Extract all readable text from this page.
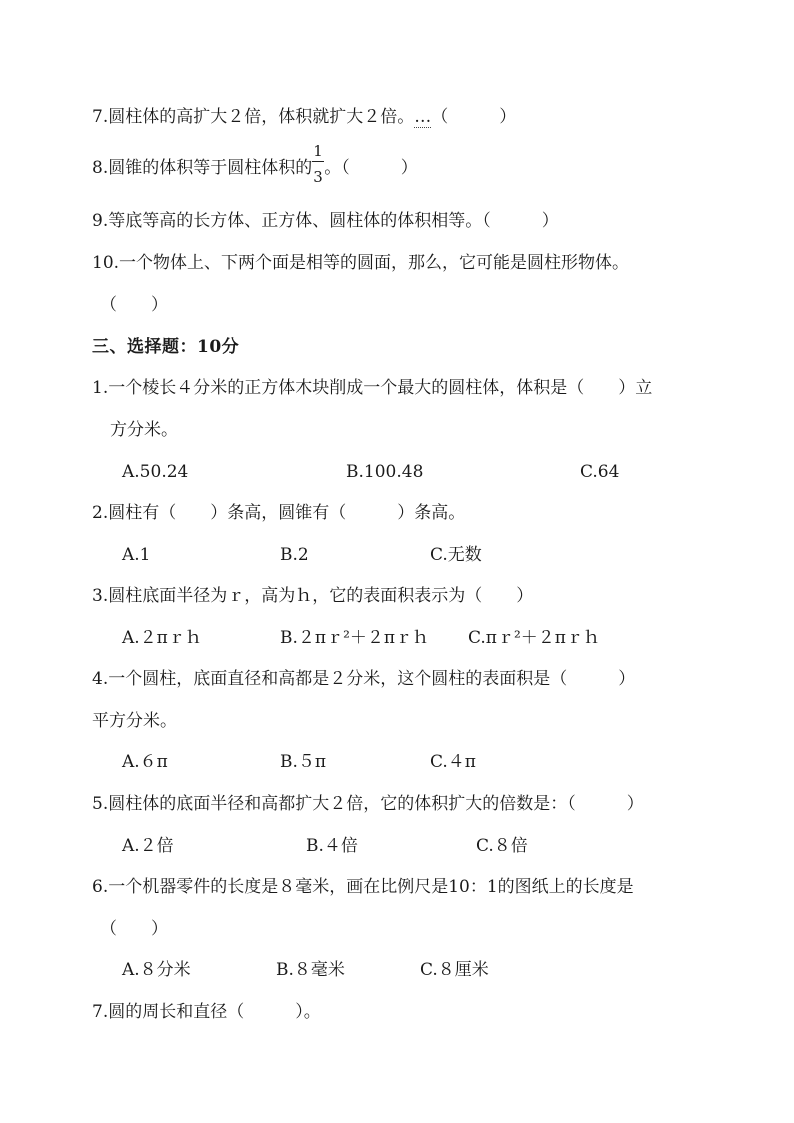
7.圆柱体的高扩大２倍，体积就扩大２倍。…（　　　）
8.圆锥的体积等于圆柱体积的 $\frac{1}{3}$ 。（　　　）
9.等底等高的长方体、正方体、圆柱体的体积相等。（　　　）
10.一个物体上、下两个面是相等的圆面，那么，它可能是圆柱形物体。
（　　）
三、选择题：10分
1.一个棱长４分米的正方体木块削成一个最大的圆柱体，体积是（　　）立
方分米。
A.50.24	B.100.48	C.64
2.圆柱有（　　）条高，圆锥有（　　　）条高。
A.1	B.2	C.无数
3.圆柱底面半径为ｒ，高为ｈ，它的表面积表示为（　　）
A.２πｒｈ	B.２πｒ²＋２πｒｈ C.πｒ²＋２πｒｈ
4.一个圆柱，底面直径和高都是２分米，这个圆柱的表面积是（　　　）
平方分米。
A.６π	B.５π	C.４π
5.圆柱体的底面半径和高都扩大２倍，它的体积扩大的倍数是：（　　　）
A.２倍	B.４倍	C.８倍
6.一个机器零件的长度是８毫米，画在比例尺是10：1的图纸上的长度是
（　　）
A.８分米	B.８毫米	C.８厘米
7.圆的周长和直径（　　　）。
